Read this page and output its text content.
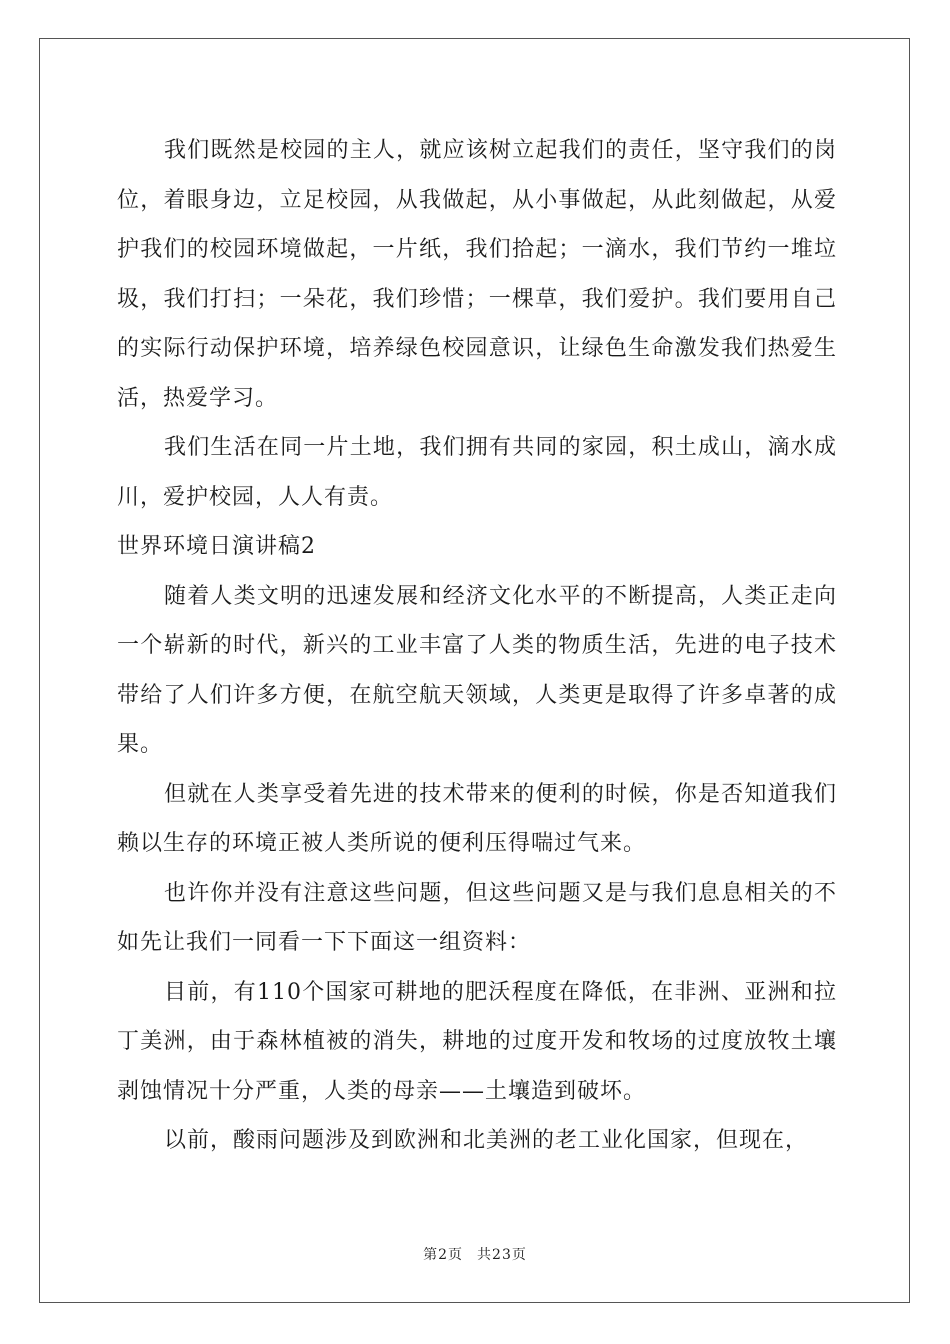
我们既然是校园的主人，就应该树立起我们的责任，坚守我们的岗位，着眼身边，立足校园，从我做起，从小事做起，从此刻做起，从爱护我们的校园环境做起，一片纸，我们拾起；一滴水，我们节约一堆垃圾，我们打扫；一朵花，我们珍惜；一棵草，我们爱护。我们要用自己的实际行动保护环境，培养绿色校园意识，让绿色生命激发我们热爱生活，热爱学习。

我们生活在同一片土地，我们拥有共同的家园，积土成山，滴水成川，爱护校园，人人有责。

世界环境日演讲稿2

随着人类文明的迅速发展和经济文化水平的不断提高，人类正走向一个崭新的时代，新兴的工业丰富了人类的物质生活，先进的电子技术带给了人们许多方便，在航空航天领域，人类更是取得了许多卓著的成果。

但就在人类享受着先进的技术带来的便利的时候，你是否知道我们赖以生存的环境正被人类所说的便利压得喘过气来。

也许你并没有注意这些问题，但这些问题又是与我们息息相关的不如先让我们一同看一下下面这一组资料：

目前，有110个国家可耕地的肥沃程度在降低，在非洲、亚洲和拉丁美洲，由于森林植被的消失，耕地的过度开发和牧场的过度放牧土壤剥蚀情况十分严重，人类的母亲——土壤造到破坏。

以前，酸雨问题涉及到欧洲和北美洲的老工业化国家，但现在，

第2页 共23页
